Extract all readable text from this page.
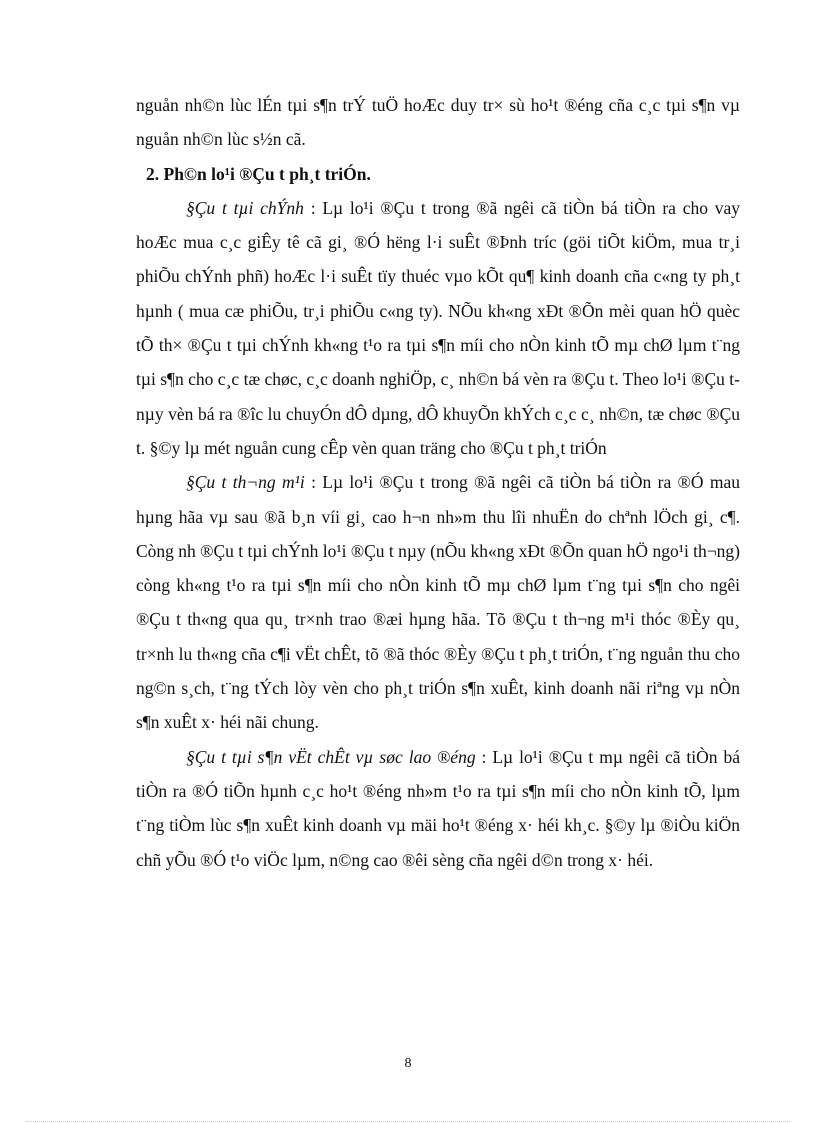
nguån nh©n lùc lÉn tµi s¶n trÝ tuÖ hoÆc duy tr× sù ho¹t ®éng cña c¸c tµi s¶n vµ nguån nh©n lùc s½n cã.

2. Ph©n lo¹i ®Çu t ph¸t triÓn.

§Çu t tµi chÝnh : Lµ lo¹i ®Çu t trong ®ã ngêi cã tiÒn bá tiÒn ra cho vay hoÆc mua c¸c giÊy tê cã gi¸ ®Ó hëng l·i suÊt ®Þnh tríc (göi tiÕt kiÖm, mua tr¸i phiÕu chÝnh phñ) hoÆc l·i suÊt tïy thuéc vµo kÕt qu¶ kinh doanh cña c«ng ty ph¸t hµnh ( mua cæ phiÕu, tr¸i phiÕu c«ng ty). NÕu kh«ng xÐt ®Õn mèi quan hÖ quèc tÕ th× ®Çu t tµi chÝnh kh«ng t¹o ra tµi s¶n míi cho nÒn kinh tÕ mµ chØ lµm t¨ng tµi s¶n cho c¸c tæ chøc, c¸c doanh nghiÖp, c¸ nh©n bá vèn ra ®Çu t. Theo lo¹i ®Çu t nµy vèn bá ra ®îc lu chuyÓn dÔ dµng, dÔ khuyÕn khÝch c¸c c¸ nh©n, tæ chøc ®Çu t. §©y lµ mét nguån cung cÊp vèn quan träng cho ®Çu t ph¸t triÓn

§Çu t th¬ng m¹i : Lµ lo¹i ®Çu t trong ®ã ngêi cã tiÒn bá tiÒn ra ®Ó mau hµng hãa vµ sau ®ã b¸n víi gi¸ cao h¬n nh»m thu lîi nhuËn do chªnh lÖch gi¸ c¶. Còng nh ®Çu t tµi chÝnh lo¹i ®Çu t nµy (nÕu kh«ng xÐt ®Õn quan hÖ ngo¹i th¬ng) còng kh«ng t¹o ra tµi s¶n míi cho nÒn kinh tÕ mµ chØ lµm t¨ng tµi s¶n cho ngêi ®Çu t th«ng qua qu¸ tr×nh trao ®æi hµng hãa. Tõ ®Çu t th¬ng m¹i thóc ®Èy qu¸ tr×nh lu th«ng cña c¶i vËt chÊt, tõ ®ã thóc ®Èy ®Çu t ph¸t triÓn, t¨ng nguån thu cho ng©n s¸ch, t¨ng tÝch lòy vèn cho ph¸t triÓn s¶n xuÊt, kinh doanh nãi riªng vµ nÒn s¶n xuÊt x· héi nãi chung.

§Çu t tµi s¶n vËt chÊt vµ søc lao ®éng : Lµ lo¹i ®Çu t mµ ngêi cã tiÒn bá tiÒn ra ®Ó tiÕn hµnh c¸c ho¹t ®éng nh»m t¹o ra tµi s¶n míi cho nÒn kinh tÕ, lµm t¨ng tiÒm lùc s¶n xuÊt kinh doanh vµ mäi ho¹t ®éng x· héi kh¸c. §©y lµ ®iÒu kiÖn chñ yÕu ®Ó t¹o viÖc lµm, n©ng cao ®êi sèng cña ngêi d©n trong x· héi.

8
